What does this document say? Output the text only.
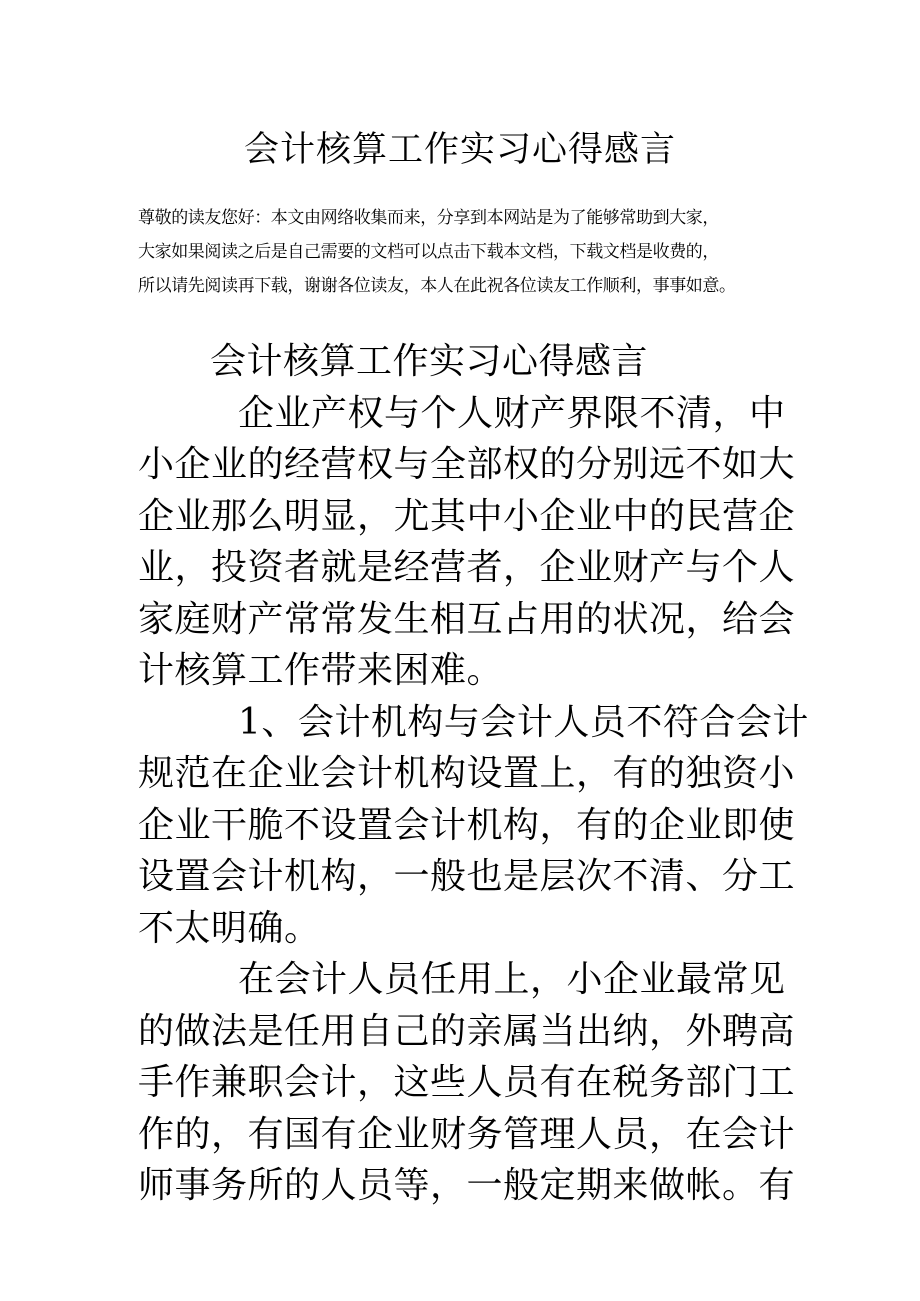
会计核算工作实习心得感言
尊敬的读友您好：本文由网络收集而来，分享到本网站是为了能够常助到大家，
大家如果阅读之后是自己需要的文档可以点击下载本文档，下载文档是收费的，
所以请先阅读再下载，谢谢各位读友，本人在此祝各位读友工作顺利，事事如意。
会计核算工作实习心得感言
企业产权与个人财产界限不清，中
小企业的经营权与全部权的分别远不如大
企业那么明显，尤其中小企业中的民营企
业，投资者就是经营者，企业财产与个人
家庭财产常常发生相互占用的状况，给会
计核算工作带来困难。
1、会计机构与会计人员不符合会计
规范在企业会计机构设置上，有的独资小
企业干脆不设置会计机构，有的企业即使
设置会计机构，一般也是层次不清、分工
不太明确。
在会计人员任用上，小企业最常见
的做法是任用自己的亲属当出纳，外聘高
手作兼职会计，这些人员有在税务部门工
作的，有国有企业财务管理人员，在会计
师事务所的人员等，一般定期来做帐。有
